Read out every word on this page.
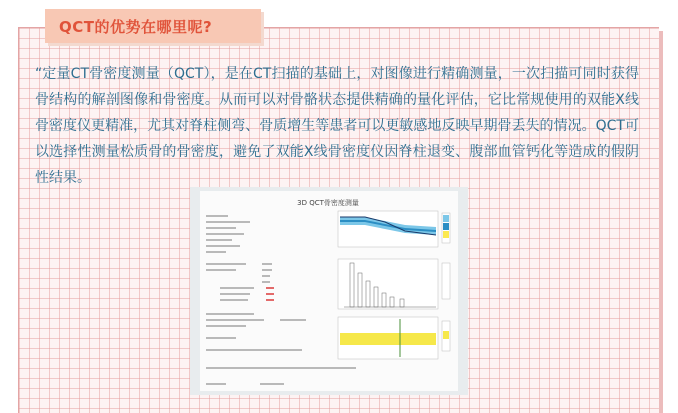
QCT的优势在哪里呢?

“定量CT骨密度测量（QCT），是在CT扫描的基础上，对图像进行精确测量，一次扫描可同时获得骨结构的解剖图像和骨密度。从而可以对骨骼状态提供精确的量化评估，它比常规使用的双能X线骨密度仪更精准，尤其对脊柱侧弯、骨质增生等患者可以更敏感地反映早期骨丢失的情况。QCT可以选择性测量松质骨的骨密度，避免了双能X线骨密度仪因脊柱退变、腹部血管钙化等造成的假阴性结果。

3D QCT骨密度测量
